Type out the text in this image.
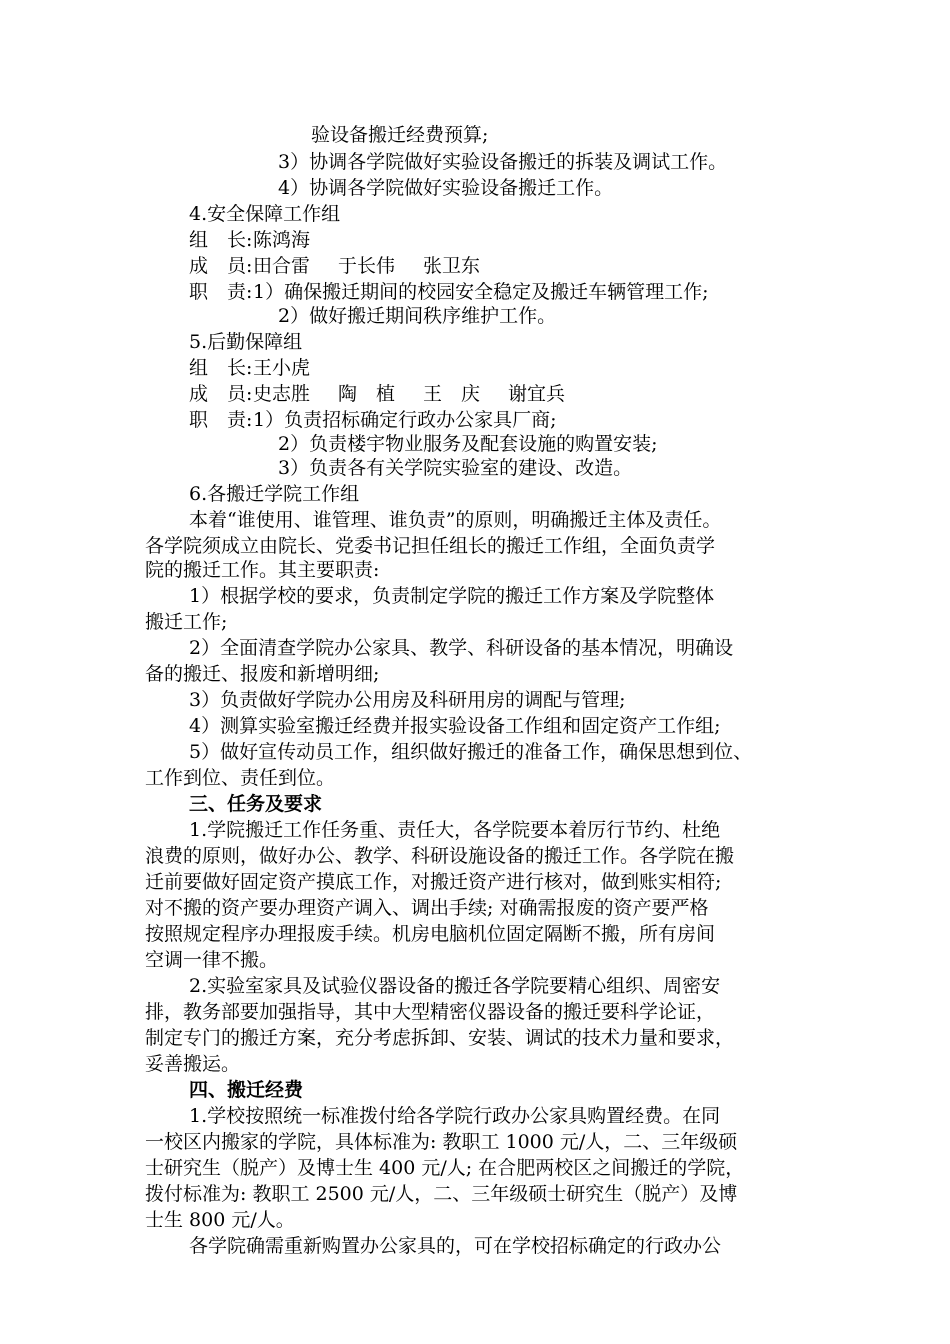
验设备搬迁经费预算;
3）协调各学院做好实验设备搬迁的拆装及调试工作。
4）协调各学院做好实验设备搬迁工作。
4.安全保障工作组
组　长:陈鸿海
成　员:田合雷 于长伟 张卫东
职　责:1）确保搬迁期间的校园安全稳定及搬迁车辆管理工作;
2）做好搬迁期间秩序维护工作。
5.后勤保障组
组　长:王小虎
成　员:史志胜 陶　植 王　庆 谢宜兵
职　责:1）负责招标确定行政办公家具厂商;
2）负责楼宇物业服务及配套设施的购置安装;
3）负责各有关学院实验室的建设、改造。
6.各搬迁学院工作组
本着“谁使用、谁管理、谁负责”的原则，明确搬迁主体及责任。
各学院须成立由院长、党委书记担任组长的搬迁工作组，全面负责学
院的搬迁工作。其主要职责:
1）根据学校的要求，负责制定学院的搬迁工作方案及学院整体
搬迁工作;
2）全面清查学院办公家具、教学、科研设备的基本情况，明确设
备的搬迁、报废和新增明细;
3）负责做好学院办公用房及科研用房的调配与管理;
4）测算实验室搬迁经费并报实验设备工作组和固定资产工作组;
5）做好宣传动员工作，组织做好搬迁的准备工作，确保思想到位、
工作到位、责任到位。
三、任务及要求
1.学院搬迁工作任务重、责任大，各学院要本着厉行节约、杜绝
浪费的原则，做好办公、教学、科研设施设备的搬迁工作。各学院在搬
迁前要做好固定资产摸底工作，对搬迁资产进行核对，做到账实相符;
对不搬的资产要办理资产调入、调出手续; 对确需报废的资产要严格
按照规定程序办理报废手续。机房电脑机位固定隔断不搬，所有房间
空调一律不搬。
2.实验室家具及试验仪器设备的搬迁各学院要精心组织、周密安
排，教务部要加强指导，其中大型精密仪器设备的搬迁要科学论证，
制定专门的搬迁方案，充分考虑拆卸、安装、调试的技术力量和要求，
妥善搬运。
四、搬迁经费
1.学校按照统一标准拨付给各学院行政办公家具购置经费。在同
一校区内搬家的学院，具体标准为: 教职工 1000 元/人，二、三年级硕
士研究生（脱产）及博士生 400 元/人; 在合肥两校区之间搬迁的学院，
拨付标准为: 教职工 2500 元/人，二、三年级硕士研究生（脱产）及博
士生 800 元/人。
各学院确需重新购置办公家具的，可在学校招标确定的行政办公
